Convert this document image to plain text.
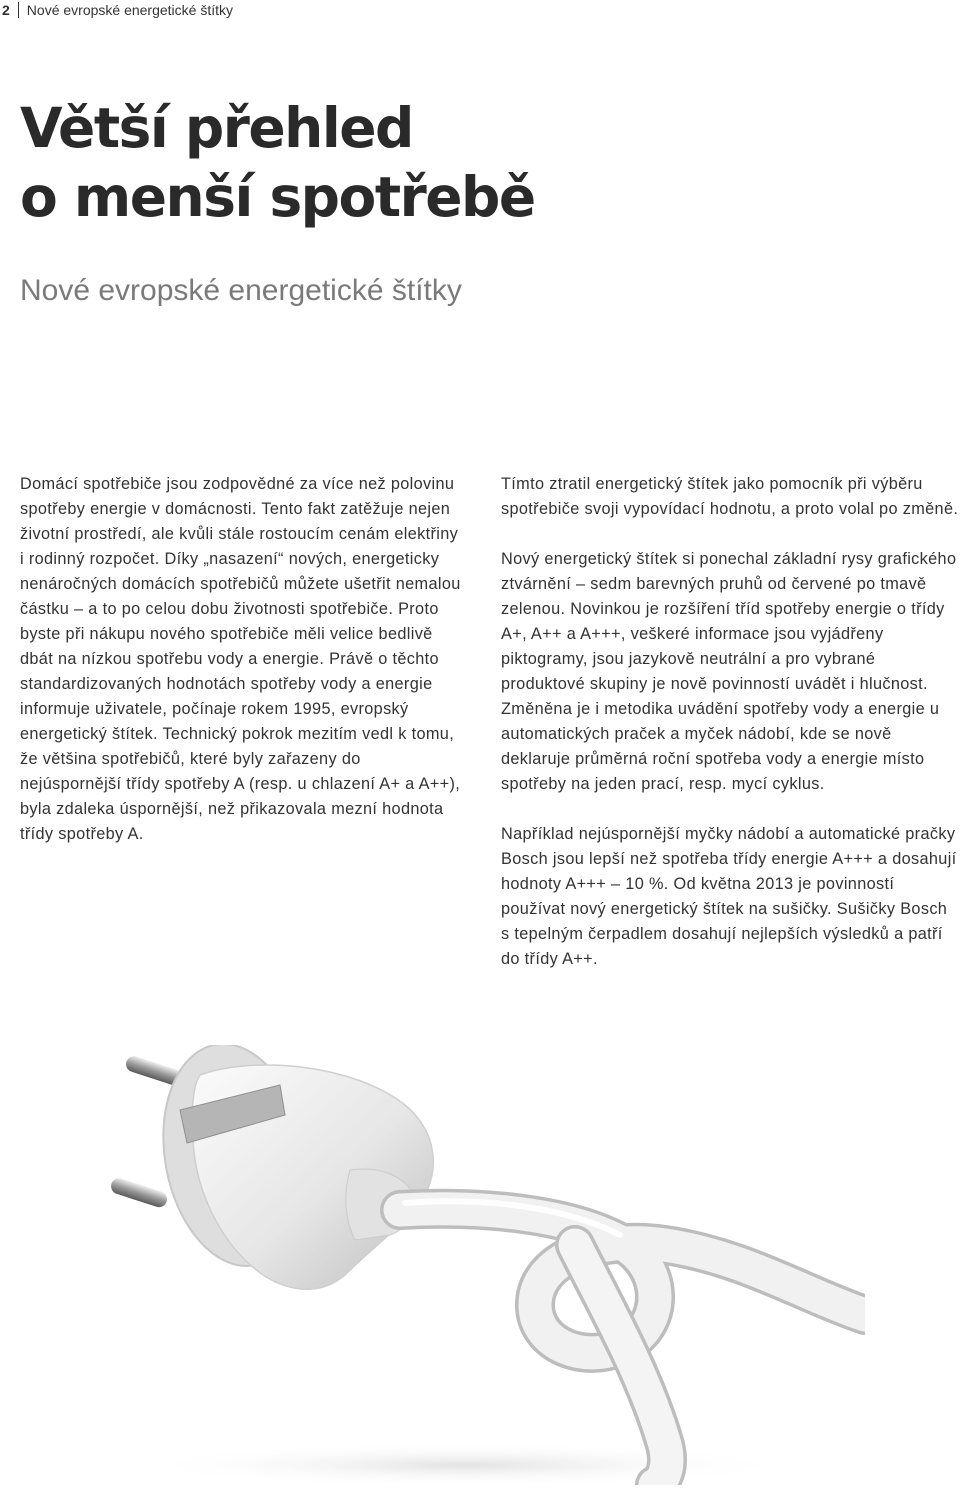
2	Nové evropské energetické štítky
Větší přehled
o menší spotřebě
Nové evropské energetické štítky

Domácí spotřebiče jsou zodpovědné za více než polovinu spotřeby energie v domácnosti. Tento fakt zatěžuje nejen životní prostředí, ale kvůli stále rostoucím cenám elektřiny i rodinný rozpočet. Díky „nasazení“ nových, energeticky nenáročných domácích spotřebičů můžete ušetřit nemalou částku – a to po celou dobu životnosti spotřebiče. Proto byste při nákupu nového spotřebiče měli velice bedlivě dbát na nízkou spotřebu vody a energie. Právě o těchto standardizovaných hodnotách spotřeby vody a energie informuje uživatele, počínaje rokem 1995, evropský energetický štítek. Technický pokrok mezitím vedl k tomu, že většina spotřebičů, které byly zařazeny do nejúspornější třídy spotřeby A (resp. u chlazení A+ a A++), byla zdaleka úspornější, než přikazovala mezní hodnota třídy spotřeby A.

Tímto ztratil energetický štítek jako pomocník při výběru spotřebiče svoji vypovídací hodnotu, a proto volal po změně.

Nový energetický štítek si ponechal základní rysy grafického ztvárnění – sedm barevných pruhů od červené po tmavě zelenou. Novinkou je rozšíření tříd spotřeby energie o třídy A+, A++ a A+++, veškeré informace jsou vyjádřeny piktogramy, jsou jazykově neutrální a pro vybrané produktové skupiny je nově povinností uvádět i hlučnost. Změněna je i metodika uvádění spotřeby vody a energie u automatických praček a myček nádobí, kde se nově deklaruje průměrná roční spotřeba vody a energie místo spotřeby na jeden prací, resp. mycí cyklus.

Například nejúspornější myčky nádobí a automatické pračky Bosch jsou lepší než spotřeba třídy energie A+++ a dosahují hodnoty A+++ – 10 %. Od května 2013 je povinností používat nový energetický štítek na sušičky. Sušičky Bosch s tepelným čerpadlem dosahují nejlepších výsledků a patří do třídy A++.
